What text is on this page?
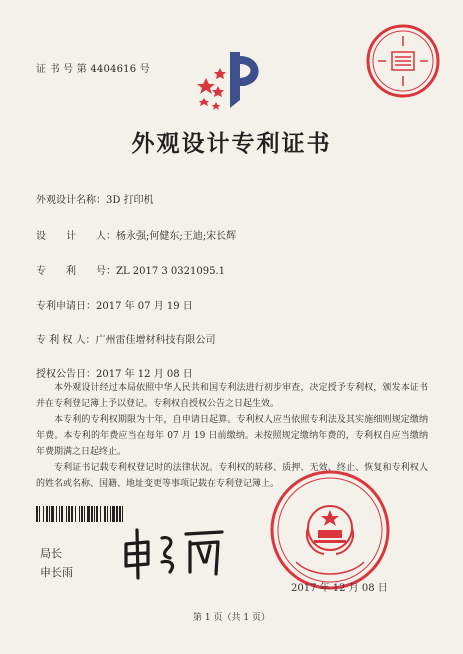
证 书 号 第 4404616 号
外观设计专利证书
外观设计名称：3D 打印机
设　　计　　人：杨永强;何健东;王迪;宋长辉
专　　利　　号：ZL 2017 3 0321095.1
专利申请日：2017 年 07 月 19 日
专 利 权 人：广州雷佳增材科技有限公司
授权公告日：2017 年 12 月 08 日

本外观设计经过本局依照中华人民共和国专利法进行初步审查，决定授予专利权，颁发本证书并在专利登记簿上予以登记。专利权自授权公告之日起生效。

本专利的专利权期限为十年，自申请日起算。专利权人应当依照专利法及其实施细则规定缴纳年费。本专利的年费应当在每年 07 月 19 日前缴纳。未按照规定缴纳年费的，专利权自应当缴纳年费期满之日起终止。

专利证书记载专利权登记时的法律状况。专利权的转移、质押、无效、终止、恢复和专利权人的姓名或名称、国籍、地址变更等事项记载在专利登记簿上。

局长
申长雨
2017 年 12 月 08 日
第 1 页（共 1 页）
